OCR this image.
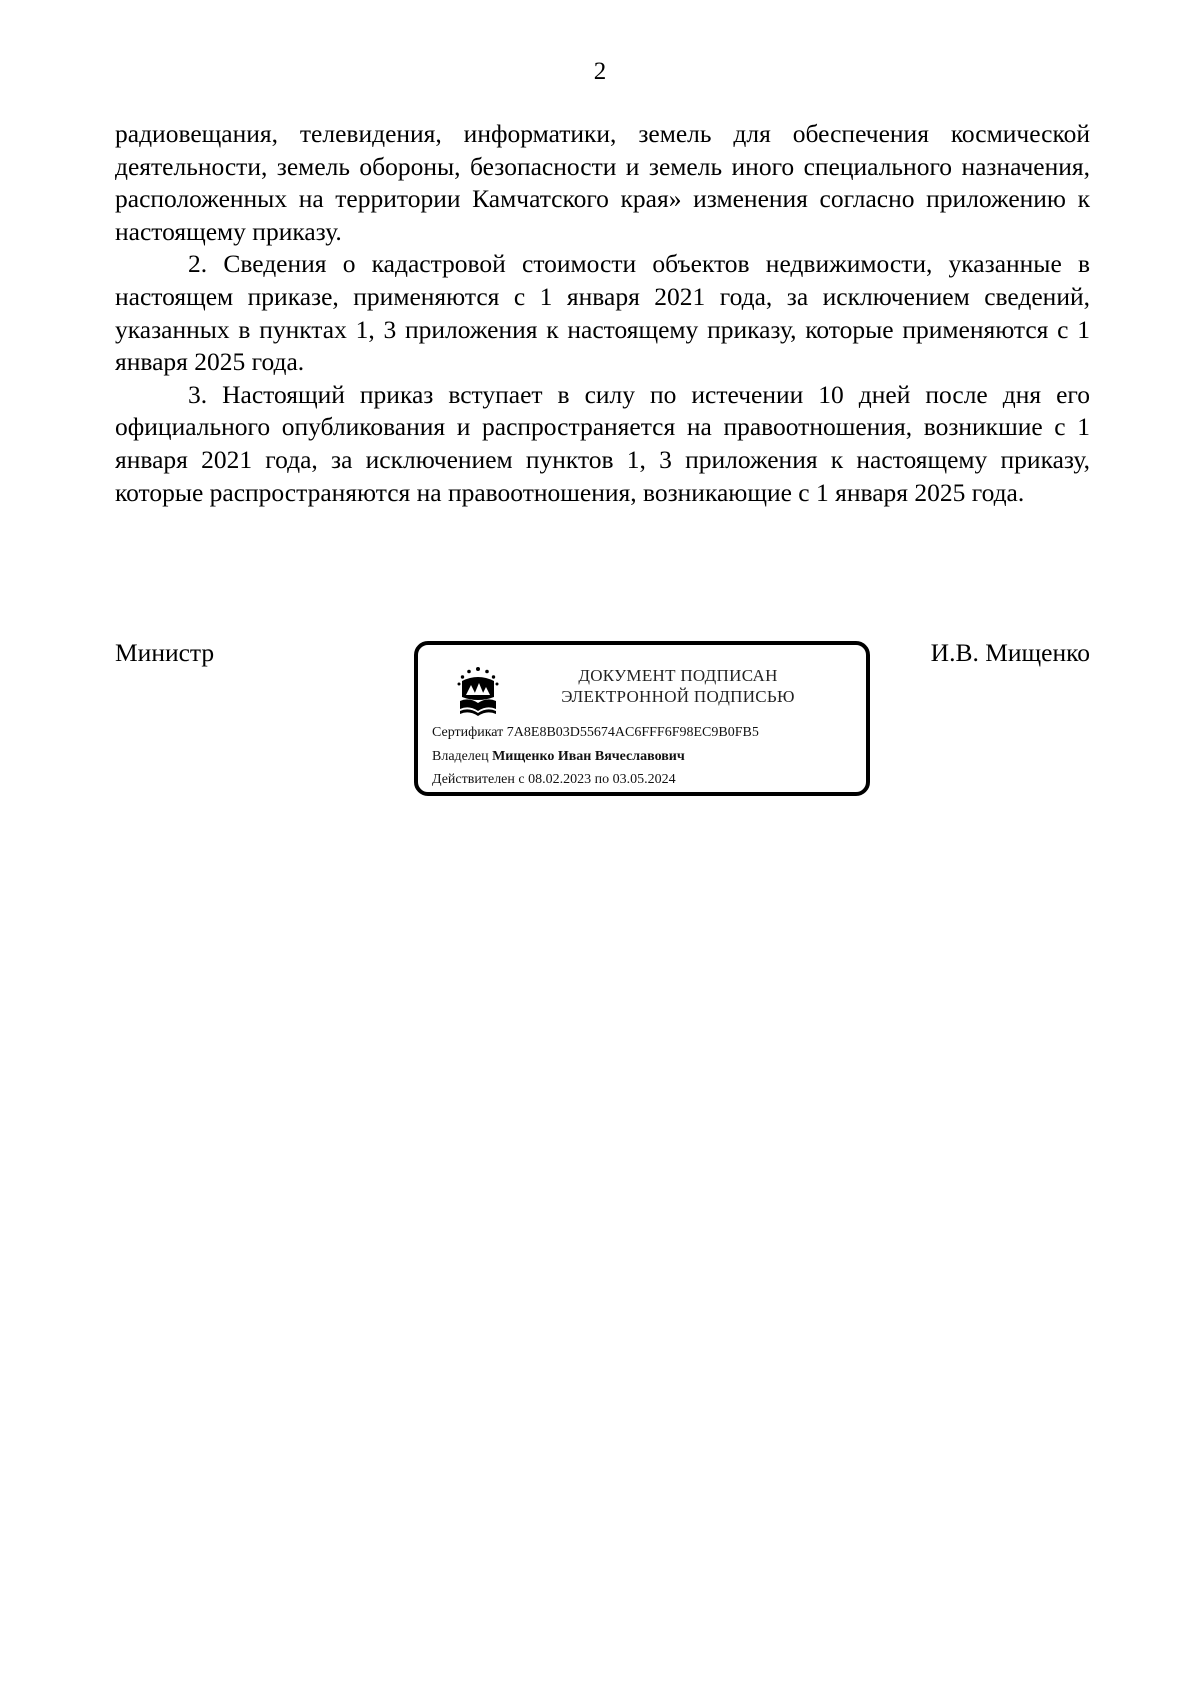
2

радиовещания, телевидения, информатики, земель для обеспечения космической деятельности, земель обороны, безопасности и земель иного специального назначения, расположенных на территории Камчатского края» изменения согласно приложению к настоящему приказу.

2. Сведения о кадастровой стоимости объектов недвижимости, указанные в настоящем приказе, применяются с 1 января 2021 года, за исключением сведений, указанных в пунктах 1, 3 приложения к настоящему приказу, которые применяются с 1 января 2025 года.

3. Настоящий приказ вступает в силу по истечении 10 дней после дня его официального опубликования и распространяется на правоотношения, возникшие с 1 января 2021 года, за исключением пунктов 1, 3 приложения к настоящему приказу, которые распространяются на правоотношения, возникающие с 1 января 2025 года.

Министр	И.В. Мищенко
ДОКУМЕНТ ПОДПИСАН
ЭЛЕКТРОННОЙ ПОДПИСЬЮ
Сертификат 7A8E8B03D55674AC6FFF6F98EC9B0FB5
Владелец Мищенко Иван Вячеславович
Действителен с 08.02.2023 по 03.05.2024
